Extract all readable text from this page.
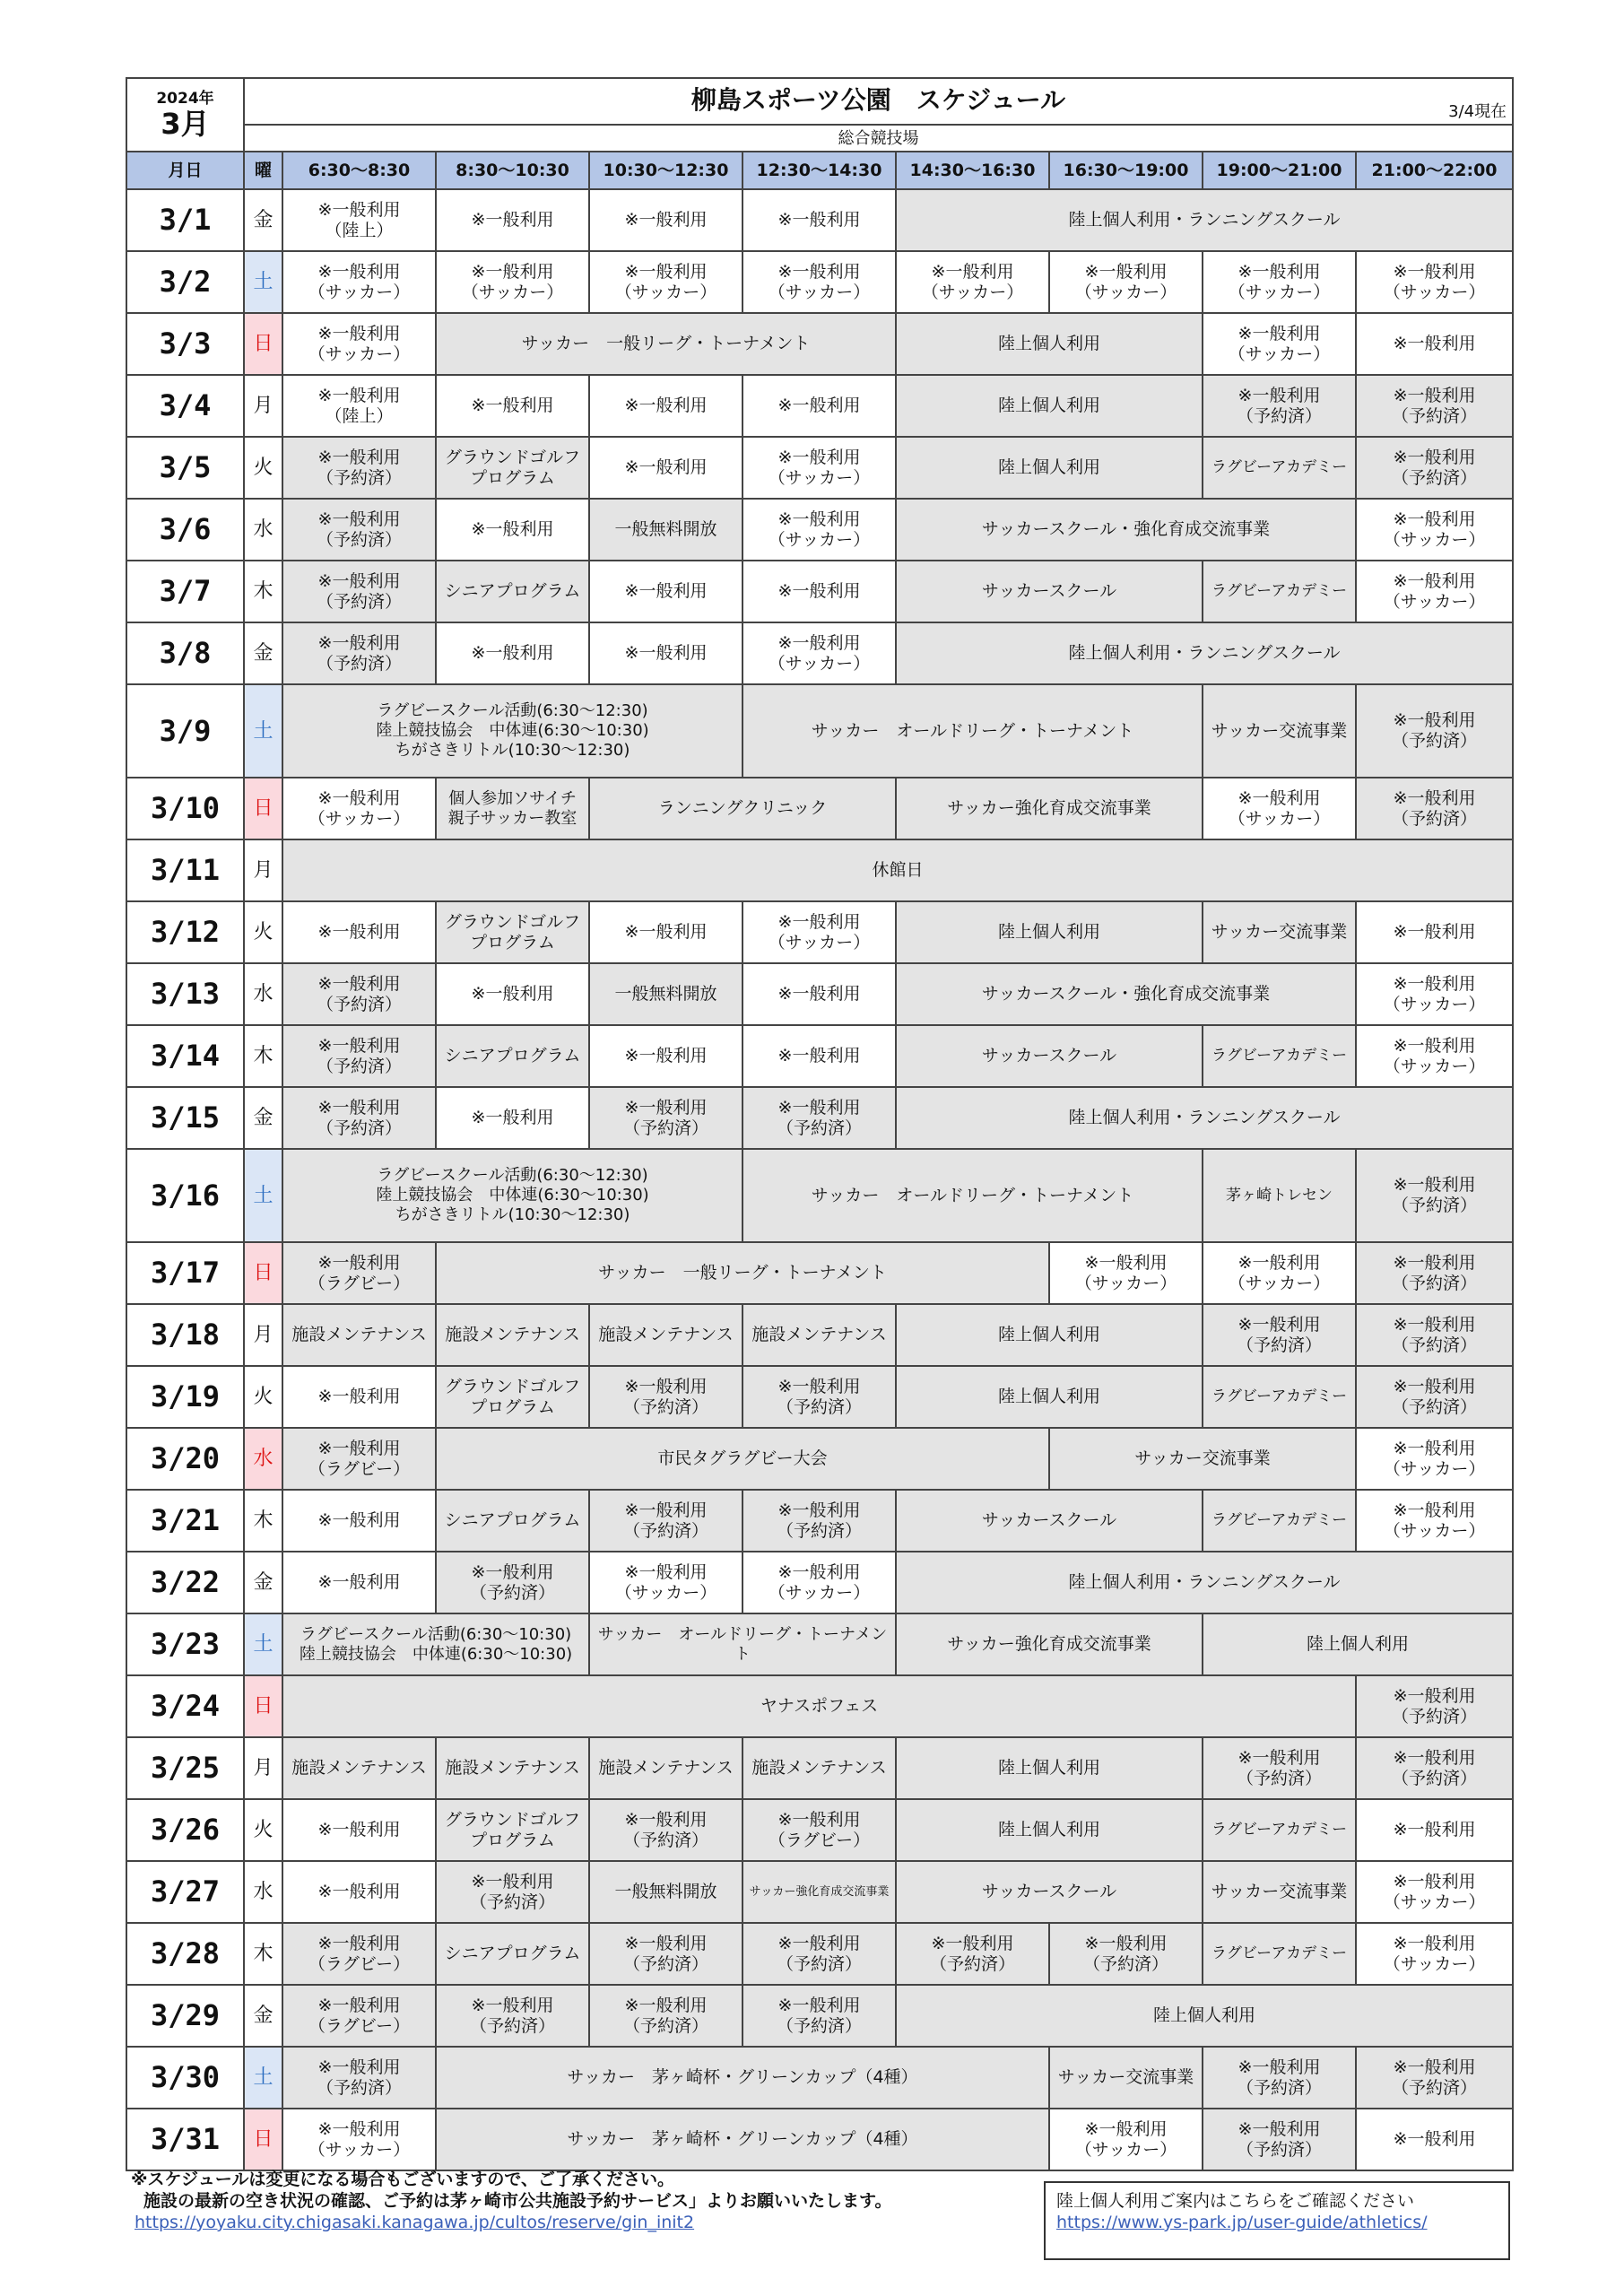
2024年
3月	柳島スポーツ公園　スケジュール 3/4現在								

	総合競技場								
月日	曜	6:30～8:30	8:30～10:30	10:30～12:30	12:30～14:30	14:30～16:30	16:30～19:00	19:00～21:00	21:00～22:00
3/1	金	※一般利用
（陸上）	※一般利用	※一般利用	※一般利用	陸上個人利用・ランニングスクール			
3/2	土	※一般利用
（サッカー）	※一般利用
（サッカー）	※一般利用
（サッカー）	※一般利用
（サッカー）	※一般利用
（サッカー）	※一般利用
（サッカー）	※一般利用
（サッカー）	※一般利用
（サッカー）
3/3	日	※一般利用
（サッカー）	サッカー　一般リーグ・トーナメント			陸上個人利用		※一般利用
（サッカー）	※一般利用
3/4	月	※一般利用
（陸上）	※一般利用	※一般利用	※一般利用	陸上個人利用		※一般利用
（予約済）	※一般利用
（予約済）
3/5	火	※一般利用
（予約済）	グラウンドゴルフ
プログラム	※一般利用	※一般利用
（サッカー）	陸上個人利用		ラグビーアカデミー	※一般利用
（予約済）
3/6	水	※一般利用
（予約済）	※一般利用	一般無料開放	※一般利用
（サッカー）	サッカースクール・強化育成交流事業			※一般利用
（サッカー）
3/7	木	※一般利用
（予約済）	シニアプログラム	※一般利用	※一般利用	サッカースクール		ラグビーアカデミー	※一般利用
（サッカー）
3/8	金	※一般利用
（予約済）	※一般利用	※一般利用	※一般利用
（サッカー）	陸上個人利用・ランニングスクール			
3/9	土	ラグビースクール活動(6:30～12:30)
陸上競技協会　中体連(6:30～10:30)
ちがさきリトル(10:30～12:30)			サッカー　オールドリーグ・トーナメント			サッカー交流事業	※一般利用
（予約済）
3/10	日	※一般利用
（サッカー）	個人参加ソサイチ
親子サッカー教室	ランニングクリニック		サッカー強化育成交流事業		※一般利用
（サッカー）	※一般利用
（予約済）
3/11	月	休館日							
3/12	火	※一般利用	グラウンドゴルフ
プログラム	※一般利用	※一般利用
（サッカー）	陸上個人利用		サッカー交流事業	※一般利用
3/13	水	※一般利用
（予約済）	※一般利用	一般無料開放	※一般利用	サッカースクール・強化育成交流事業			※一般利用
（サッカー）
3/14	木	※一般利用
（予約済）	シニアプログラム	※一般利用	※一般利用	サッカースクール		ラグビーアカデミー	※一般利用
（サッカー）
3/15	金	※一般利用
（予約済）	※一般利用	※一般利用
（予約済）	※一般利用
（予約済）	陸上個人利用・ランニングスクール			
3/16	土	ラグビースクール活動(6:30～12:30)
陸上競技協会　中体連(6:30～10:30)
ちがさきリトル(10:30～12:30)			サッカー　オールドリーグ・トーナメント			茅ヶ崎トレセン	※一般利用
（予約済）
3/17	日	※一般利用
（ラグビー）	サッカー　一般リーグ・トーナメント				※一般利用
（サッカー）	※一般利用
（サッカー）	※一般利用
（予約済）
3/18	月	施設メンテナンス	施設メンテナンス	施設メンテナンス	施設メンテナンス	陸上個人利用		※一般利用
（予約済）	※一般利用
（予約済）
3/19	火	※一般利用	グラウンドゴルフ
プログラム	※一般利用
（予約済）	※一般利用
（予約済）	陸上個人利用		ラグビーアカデミー	※一般利用
（予約済）
3/20	水	※一般利用
（ラグビー）	市民タグラグビー大会				サッカー交流事業		※一般利用
（サッカー）
3/21	木	※一般利用	シニアプログラム	※一般利用
（予約済）	※一般利用
（予約済）	サッカースクール		ラグビーアカデミー	※一般利用
（サッカー）
3/22	金	※一般利用	※一般利用
（予約済）	※一般利用
（サッカー）	※一般利用
（サッカー）	陸上個人利用・ランニングスクール			
3/23	土	ラグビースクール活動(6:30～10:30)
陸上競技協会　中体連(6:30～10:30)		サッカー　オールドリーグ・トーナメント		サッカー強化育成交流事業		陸上個人利用	
3/24	日	ヤナスポフェス							※一般利用
（予約済）
3/25	月	施設メンテナンス	施設メンテナンス	施設メンテナンス	施設メンテナンス	陸上個人利用		※一般利用
（予約済）	※一般利用
（予約済）
3/26	火	※一般利用	グラウンドゴルフ
プログラム	※一般利用
（予約済）	※一般利用
（ラグビー）	陸上個人利用		ラグビーアカデミー	※一般利用
3/27	水	※一般利用	※一般利用
（予約済）	一般無料開放	サッカー強化育成交流事業	サッカースクール		サッカー交流事業	※一般利用
（サッカー）
3/28	木	※一般利用
（ラグビー）	シニアプログラム	※一般利用
（予約済）	※一般利用
（予約済）	※一般利用
（予約済）	※一般利用
（予約済）	ラグビーアカデミー	※一般利用
（サッカー）
3/29	金	※一般利用
（ラグビー）	※一般利用
（予約済）	※一般利用
（予約済）	※一般利用
（予約済）	陸上個人利用			
3/30	土	※一般利用
（予約済）	サッカー　茅ヶ崎杯・グリーンカップ（4種）				サッカー交流事業	※一般利用
（予約済）	※一般利用
（予約済）
3/31	日	※一般利用
（サッカー）	サッカー　茅ヶ崎杯・グリーンカップ（4種）				※一般利用
（サッカー）	※一般利用
（予約済）	※一般利用
※スケジュールは変更になる場合もございますので、ご了承ください。
施設の最新の空き状況の確認、ご予約は茅ヶ崎市公共施設予約サービス」よりお願いいたします。
https://yoyaku.city.chigasaki.kanagawa.jp/cultos/reserve/gin_init2
陸上個人利用ご案内はこちらをご確認ください
https://www.ys-park.jp/user-guide/athletics/
